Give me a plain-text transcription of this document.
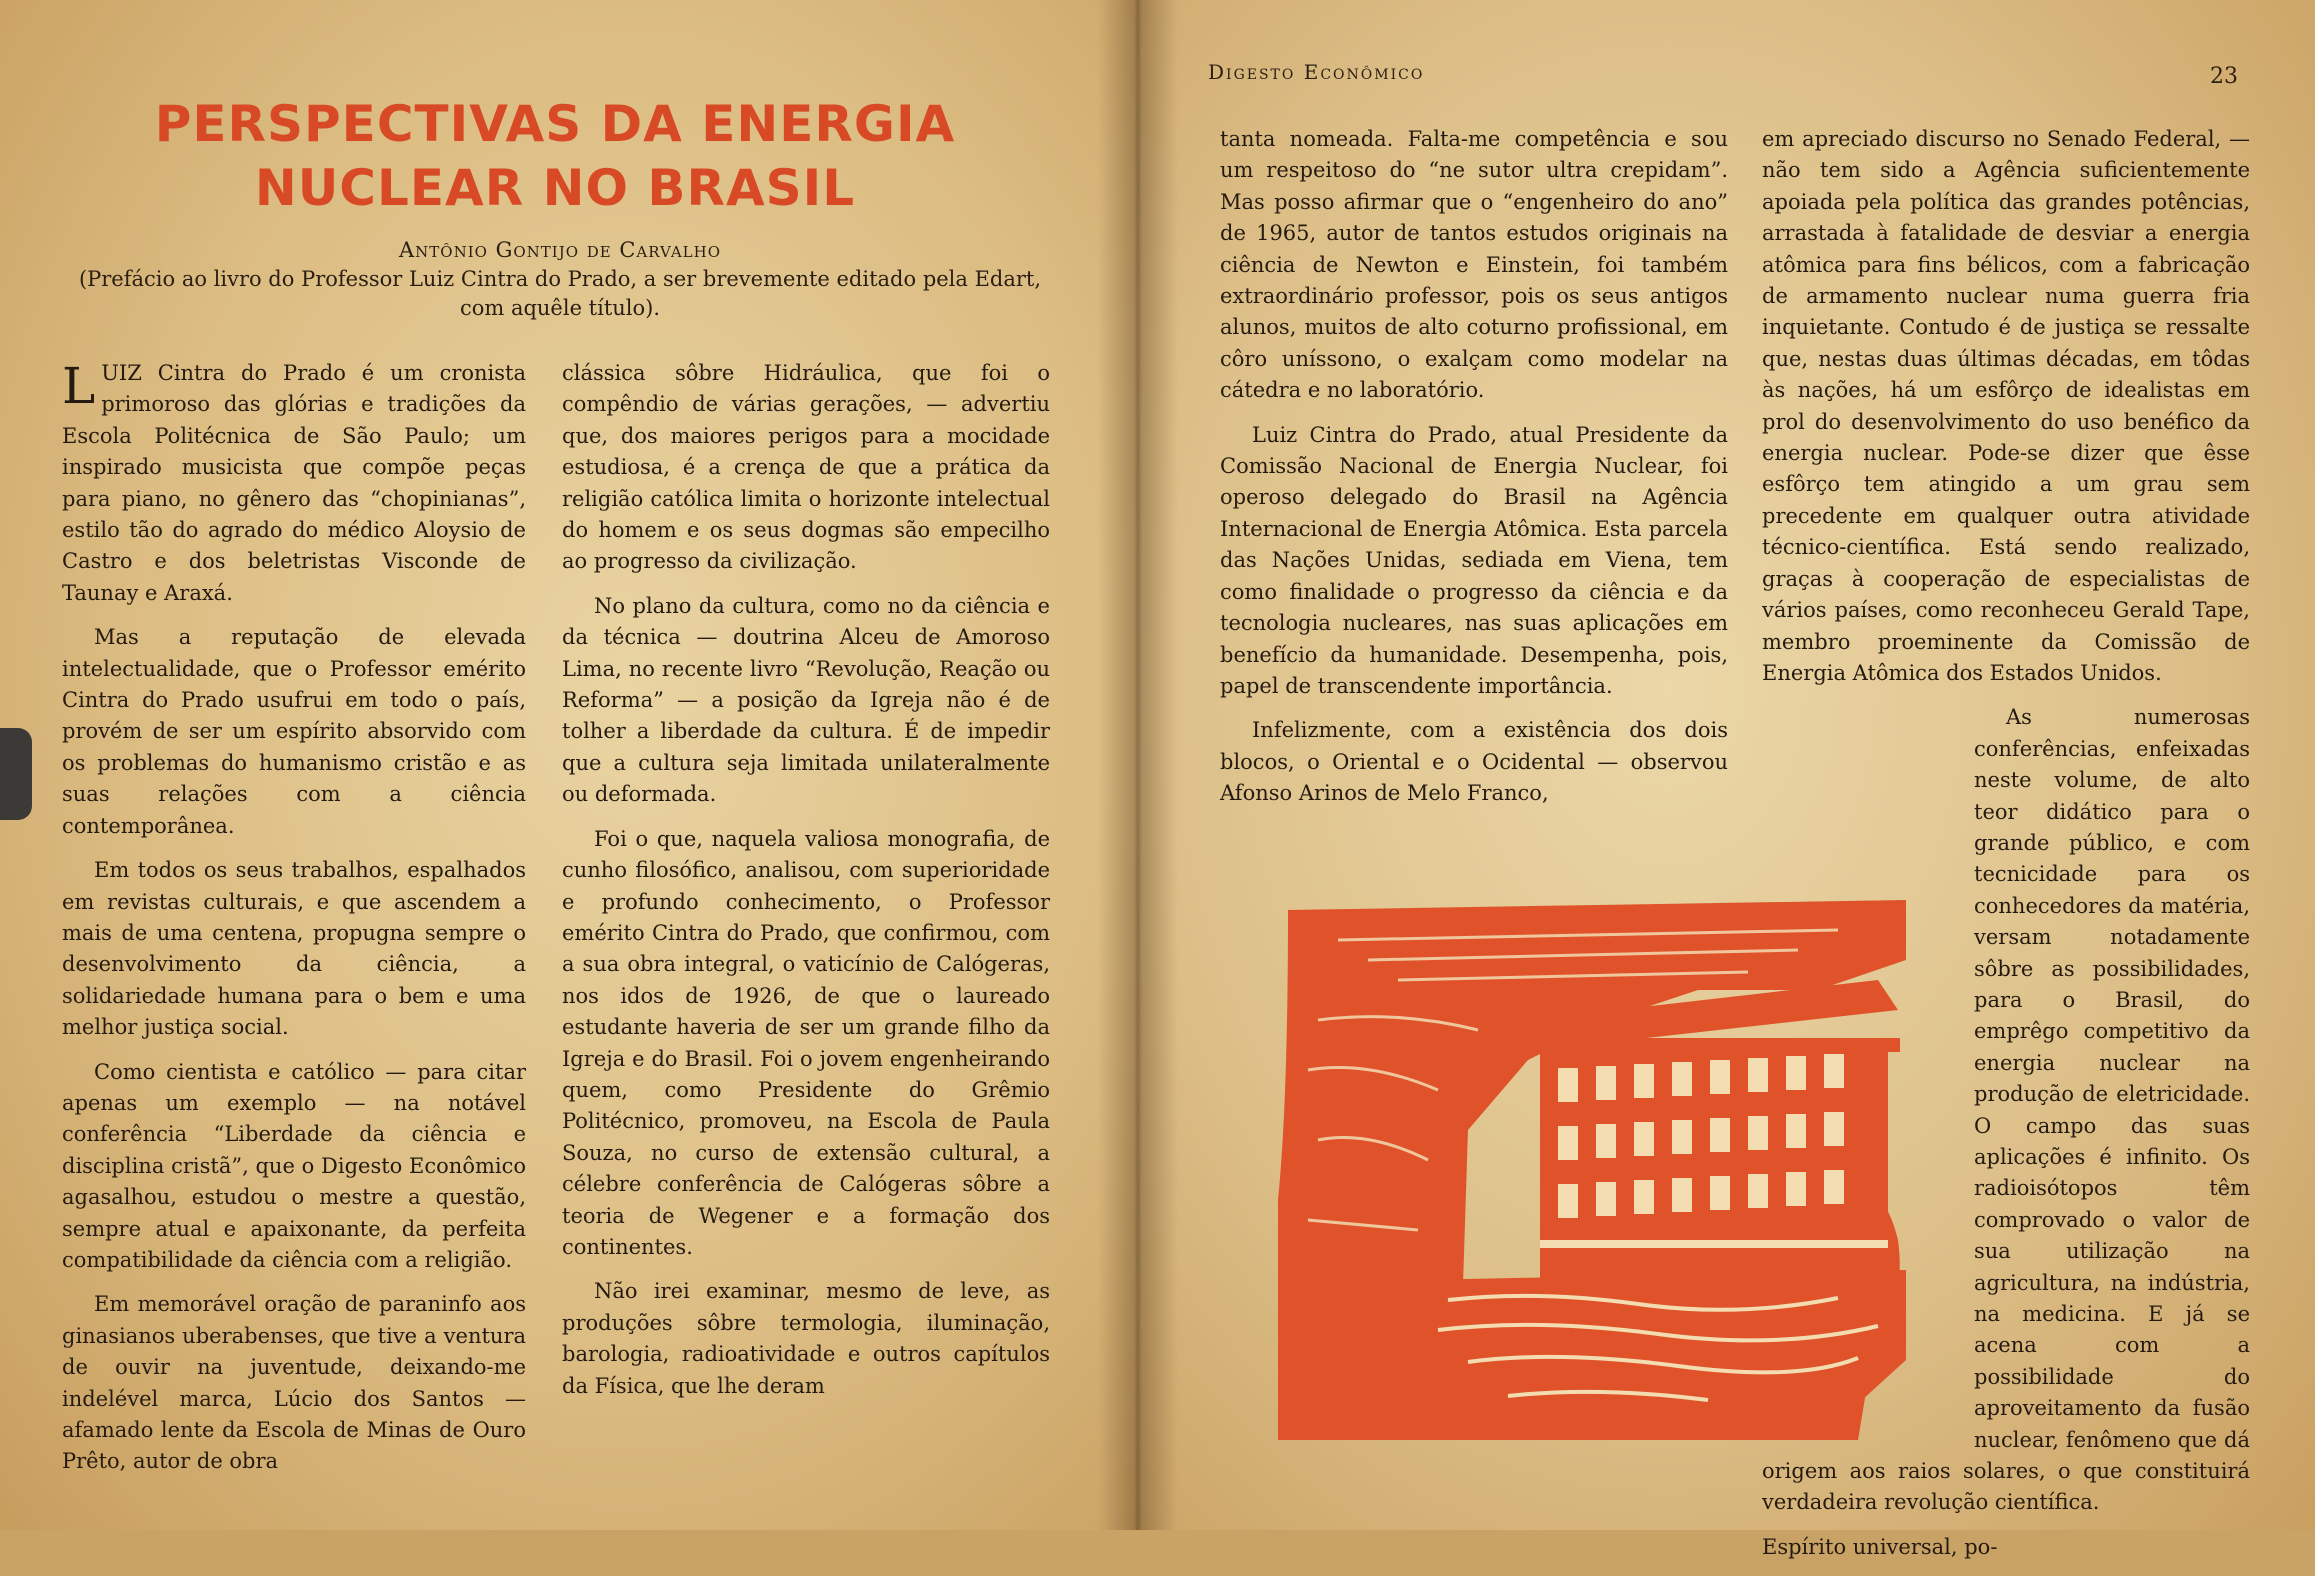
PERSPECTIVAS DA ENERGIA
NUCLEAR NO BRASIL
Antônio Gontijo de Carvalho
(Prefácio ao livro do Professor Luiz Cintra do Prado, a ser brevemente editado pela Edart, com aquêle título).

LUIZ Cintra do Prado é um cronista primoroso das glórias e tradições da Escola Politécnica de São Paulo; um inspirado musicista que compõe peças para piano, no gênero das “chopinianas”, estilo tão do agrado do médico Aloysio de Castro e dos beletristas Visconde de Taunay e Araxá.

Mas a reputação de elevada intelectualidade, que o Professor emérito Cintra do Prado usufrui em todo o país, provém de ser um espírito absorvido com os problemas do humanismo cristão e as suas relações com a ciência contemporânea.

Em todos os seus trabalhos, espalhados em revistas culturais, e que ascendem a mais de uma centena, propugna sempre o desenvolvimento da ciência, a solidariedade humana para o bem e uma melhor justiça social.

Como cientista e católico — para citar apenas um exemplo — na notável conferência “Liberdade da ciência e disciplina cristã”, que o Digesto Econômico agasalhou, estudou o mestre a questão, sempre atual e apaixonante, da perfeita compatibilidade da ciência com a religião.

Em memorável oração de paraninfo aos ginasianos uberabenses, que tive a ventura de ouvir na juventude, deixando-me indelével marca, Lúcio dos Santos — afamado lente da Escola de Minas de Ouro Prêto, autor de obra

clássica sôbre Hidráulica, que foi o compêndio de várias gerações, — advertiu que, dos maiores perigos para a mocidade estudiosa, é a crença de que a prática da religião católica limita o horizonte intelectual do homem e os seus dogmas são empecilho ao progresso da civilização.

No plano da cultura, como no da ciência e da técnica — doutrina Alceu de Amoroso Lima, no recente livro “Revolução, Reação ou Reforma” — a posição da Igreja não é de tolher a liberdade da cultura. É de impedir que a cultura seja limitada unilateralmente ou deformada.

Foi o que, naquela valiosa monografia, de cunho filosófico, analisou, com superioridade e profundo conhecimento, o Professor emérito Cintra do Prado, que confirmou, com a sua obra integral, o vaticínio de Calógeras, nos idos de 1926, de que o laureado estudante haveria de ser um grande filho da Igreja e do Brasil. Foi o jovem engenheirando quem, como Presidente do Grêmio Politécnico, promoveu, na Escola de Paula Souza, no curso de extensão cultural, a célebre conferência de Calógeras sôbre a teoria de Wegener e a formação dos continentes.

Não irei examinar, mesmo de leve, as produções sôbre termologia, iluminação, barologia, radioatividade e outros capítulos da Física, que lhe deram

Digesto Econômico	23

tanta nomeada. Falta-me competência e sou um respeitoso do “ne sutor ultra crepidam”. Mas posso afirmar que o “engenheiro do ano” de 1965, autor de tantos estudos originais na ciência de Newton e Einstein, foi também extraordinário professor, pois os seus antigos alunos, muitos de alto coturno profissional, em côro uníssono, o exalçam como modelar na cátedra e no laboratório.

Luiz Cintra do Prado, atual Presidente da Comissão Nacional de Energia Nuclear, foi operoso delegado do Brasil na Agência Internacional de Energia Atômica. Esta parcela das Nações Unidas, sediada em Viena, tem como finalidade o progresso da ciência e da tecnologia nucleares, nas suas aplicações em benefício da humanidade. Desempenha, pois, papel de transcendente importância.

Infelizmente, com a existência dos dois blocos, o Oriental e o Ocidental — observou Afonso Arinos de Melo Franco,

em apreciado discurso no Senado Federal, — não tem sido a Agência suficientemente apoiada pela política das grandes potências, arrastada à fatalidade de desviar a energia atômica para fins bélicos, com a fabricação de armamento nuclear numa guerra fria inquietante. Contudo é de justiça se ressalte que, nestas duas últimas décadas, em tôdas às nações, há um esfôrço de idealistas em prol do desenvolvimento do uso benéfico da energia nuclear. Pode-se dizer que êsse esfôrço tem atingido a um grau sem precedente em qualquer outra atividade técnico-científica. Está sendo realizado, graças à cooperação de especialistas de vários países, como reconheceu Gerald Tape, membro proeminente da Comissão de Energia Atômica dos Estados Unidos.

As numerosas conferências, enfeixadas neste volume, de alto teor didático para o grande público, e com tecnicidade para os conhecedores da matéria, versam notadamente sôbre as possibilidades, para o Brasil, do emprêgo competitivo da energia nuclear na produção de eletricidade. O campo das suas aplicações é infinito. Os radioisótopos têm comprovado o valor de sua utilização na agricultura, na indústria, na medicina. E já se acena com a possibilidade do aproveitamento da fusão nuclear, fenômeno que dá origem aos raios solares, o que constituirá verdadeira revolução científica.

Espírito universal, po-

SGC
